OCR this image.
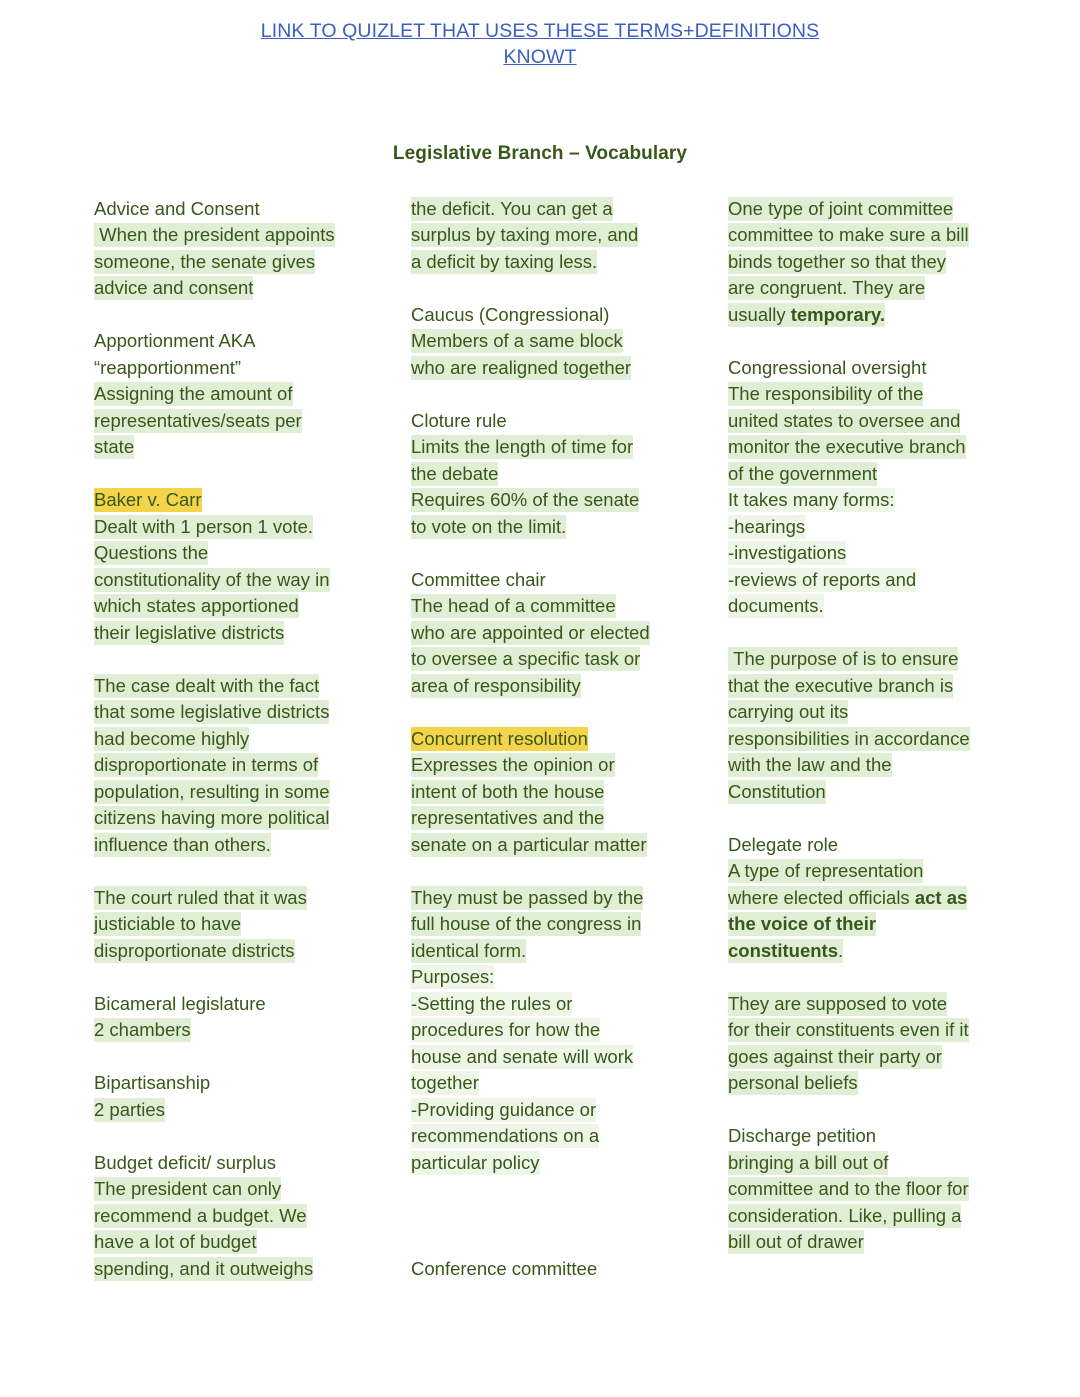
LINK TO QUIZLET THAT USES THESE TERMS+DEFINITIONS
KNOWT
Legislative Branch – Vocabulary
Advice and Consent
When the president appoints
someone, the senate gives
advice and consent

Apportionment AKA
“reapportionment”
Assigning the amount of
representatives/seats per
state

Baker v. Carr
Dealt with 1 person 1 vote.
Questions the
constitutionality of the way in
which states apportioned
their legislative districts

The case dealt with the fact
that some legislative districts
had become highly
disproportionate in terms of
population, resulting in some
citizens having more political
influence than others.

The court ruled that it was
justiciable to have
disproportionate districts

Bicameral legislature
2 chambers

Bipartisanship
2 parties

Budget deficit/ surplus
The president can only
recommend a budget. We
have a lot of budget
spending, and it outweighs
the deficit. You can get a
surplus by taxing more, and
a deficit by taxing less.

Caucus (Congressional)
Members of a same block
who are realigned together

Cloture rule
Limits the length of time for
the debate
Requires 60% of the senate
to vote on the limit.

Committee chair
The head of a committee
who are appointed or elected
to oversee a specific task or
area of responsibility

Concurrent resolution
Expresses the opinion or
intent of both the house
representatives and the
senate on a particular matter

They must be passed by the
full house of the congress in
identical form.
Purposes:
-Setting the rules or
procedures for how the
house and senate will work
together
-Providing guidance or
recommendations on a
particular policy

Conference committee
One type of joint committee
committee to make sure a bill
binds together so that they
are congruent. They are
usually temporary.

Congressional oversight
The responsibility of the
united states to oversee and
monitor the executive branch
of the government
It takes many forms:
-hearings
-investigations
-reviews of reports and
documents.

The purpose of is to ensure
that the executive branch is
carrying out its
responsibilities in accordance
with the law and the
Constitution

Delegate role
A type of representation
where elected officials act as
the voice of their
constituents.

They are supposed to vote
for their constituents even if it
goes against their party or
personal beliefs

Discharge petition
bringing a bill out of
committee and to the floor for
consideration. Like, pulling a
bill out of drawer
